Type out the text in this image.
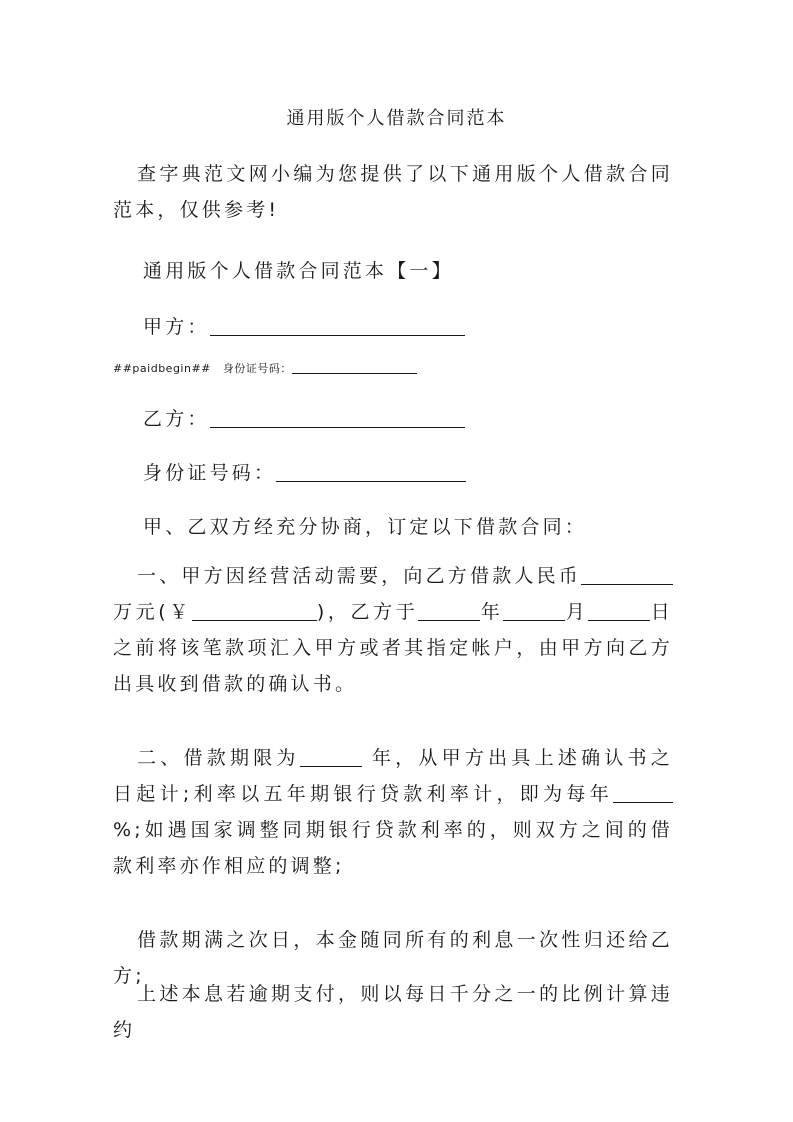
通用版个人借款合同范本
查字典范文网小编为您提供了以下通用版个人借款合同范本，仅供参考!
通用版个人借款合同范本【一】
甲方：
##paidbegin## 身份证号码：
乙方：
身份证号码：
甲、乙双方经充分协商，订定以下借款合同：
一、甲方因经营活动需要，向乙方借款人民币万元(￥	)，乙方于	年	月	日之前将该笔款项汇入甲方或者其指定帐户，由甲方向乙方出具收到借款的确认书。
二、借款期限为	年，从甲方出具上述确认书之日起计;利率以五年期银行贷款利率计，即为每年%;如遇国家调整同期银行贷款利率的，则双方之间的借款利率亦作相应的调整;
借款期满之次日，本金随同所有的利息一次性归还给乙方;
上述本息若逾期支付，则以每日千分之一的比例计算违约
